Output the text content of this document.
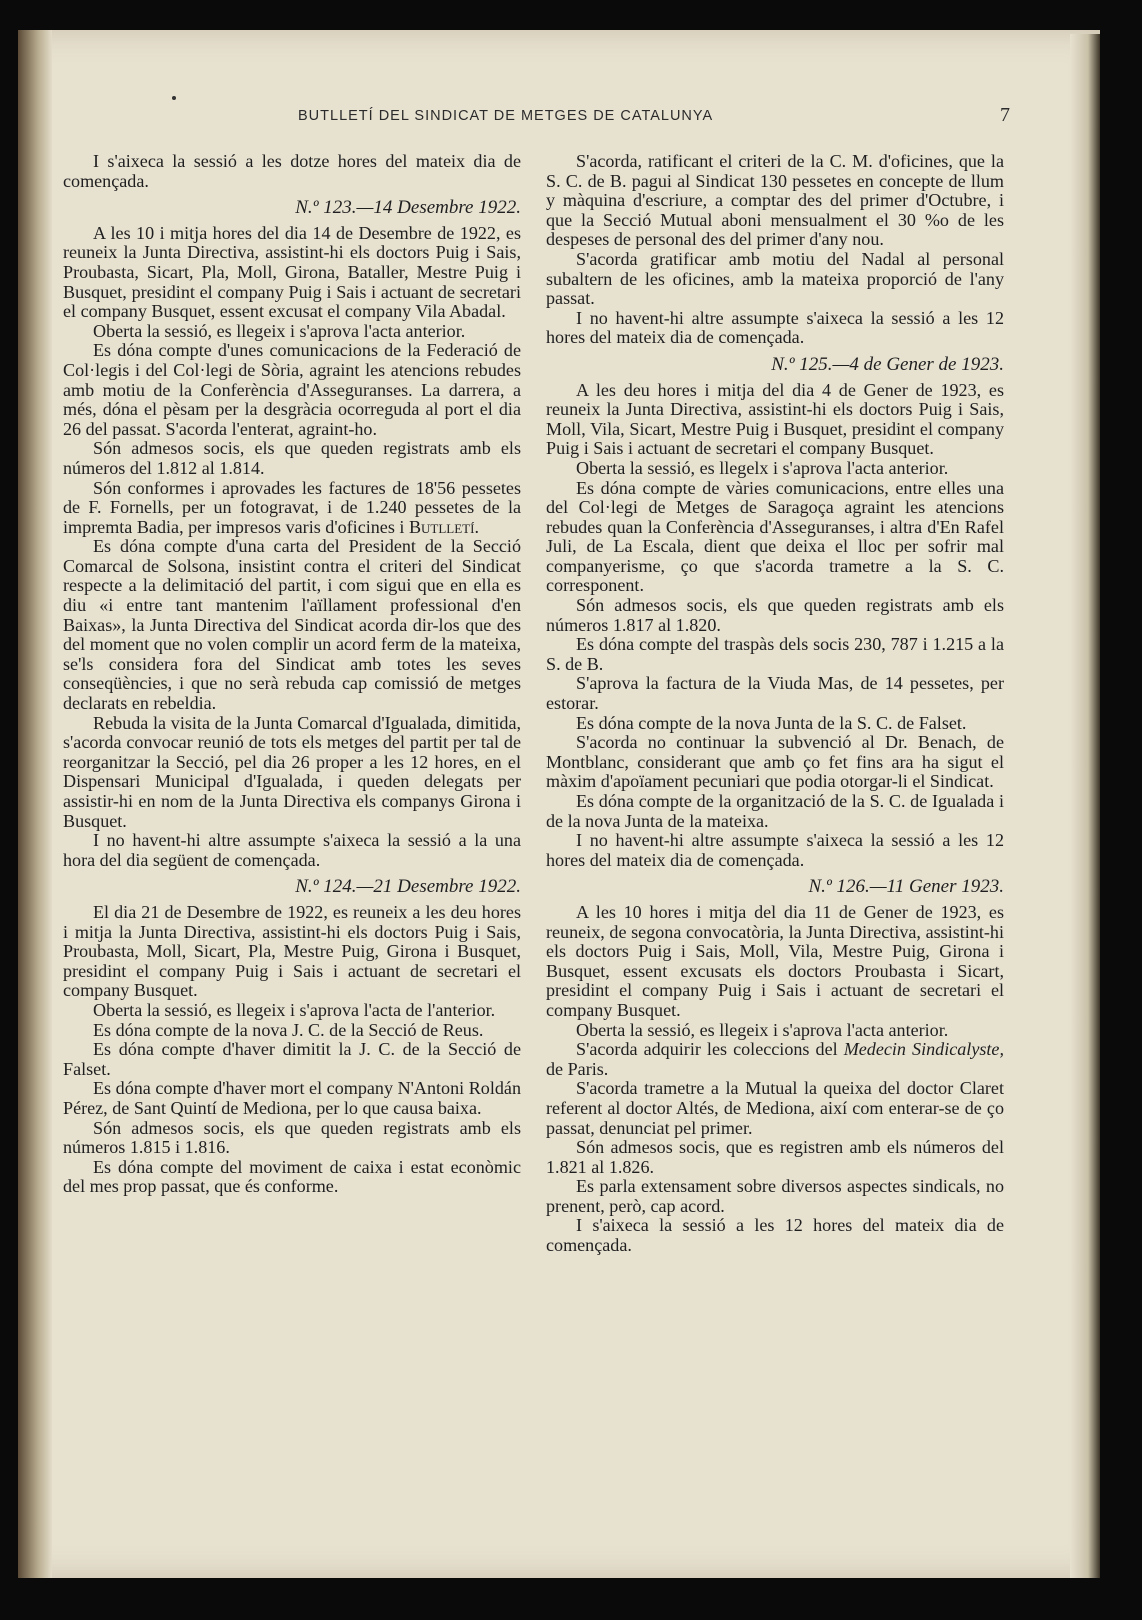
BUTLLETÍ DEL SINDICAT DE METGES DE CATALUNYA	7

I s'aixeca la sessió a les dotze hores del mateix dia de començada.

N.º 123.—14 Desembre 1922.

A les 10 i mitja hores del dia 14 de Desembre de 1922, es reuneix la Junta Directiva, assistint-hi els doctors Puig i Sais, Proubasta, Sicart, Pla, Moll, Girona, Bataller, Mestre Puig i Busquet, presidint el company Puig i Sais i actuant de secretari el company Busquet, essent excusat el company Vila Abadal.

Oberta la sessió, es llegeix i s'aprova l'acta anterior.

Es dóna compte d'unes comunicacions de la Federació de Col·legis i del Col·legi de Sòria, agraint les atencions rebudes amb motiu de la Conferència d'Asseguranses. La darrera, a més, dóna el pèsam per la desgràcia ocorreguda al port el dia 26 del passat. S'acorda l'enterat, agraint-ho.

Són admesos socis, els que queden registrats amb els números del 1.812 al 1.814.

Són conformes i aprovades les factures de 18'56 pessetes de F. Fornells, per un fotogravat, i de 1.240 pessetes de la impremta Badia, per impresos varis d'oficines i Butlletí.

Es dóna compte d'una carta del President de la Secció Comarcal de Solsona, insistint contra el criteri del Sindicat respecte a la delimitació del partit, i com sigui que en ella es diu «i entre tant mantenim l'aïllament professional d'en Baixas», la Junta Directiva del Sindicat acorda dir-los que des del moment que no volen complir un acord ferm de la mateixa, se'ls considera fora del Sindicat amb totes les seves conseqüències, i que no serà rebuda cap comissió de metges declarats en rebeldia.

Rebuda la visita de la Junta Comarcal d'Igualada, dimitida, s'acorda convocar reunió de tots els metges del partit per tal de reorganitzar la Secció, pel dia 26 proper a les 12 hores, en el Dispensari Municipal d'Igualada, i queden delegats per assistir-hi en nom de la Junta Directiva els companys Girona i Busquet.

I no havent-hi altre assumpte s'aixeca la sessió a la una hora del dia següent de començada.

N.º 124.—21 Desembre 1922.

El dia 21 de Desembre de 1922, es reuneix a les deu hores i mitja la Junta Directiva, assistint-hi els doctors Puig i Sais, Proubasta, Moll, Sicart, Pla, Mestre Puig, Girona i Busquet, presidint el company Puig i Sais i actuant de secretari el company Busquet.

Oberta la sessió, es llegeix i s'aprova l'acta de l'anterior.

Es dóna compte de la nova J. C. de la Secció de Reus.

Es dóna compte d'haver dimitit la J. C. de la Secció de Falset.

Es dóna compte d'haver mort el company N'Antoni Roldán Pérez, de Sant Quintí de Mediona, per lo que causa baixa.

Són admesos socis, els que queden registrats amb els números 1.815 i 1.816.

Es dóna compte del moviment de caixa i estat econòmic del mes prop passat, que és conforme.

S'acorda, ratificant el criteri de la C. M. d'oficines, que la S. C. de B. pagui al Sindicat 130 pessetes en concepte de llum y màquina d'escriure, a comptar des del primer d'Octubre, i que la Secció Mutual aboni mensualment el 30 %o de les despeses de personal des del primer d'any nou.

S'acorda gratificar amb motiu del Nadal al personal subaltern de les oficines, amb la mateixa proporció de l'any passat.

I no havent-hi altre assumpte s'aixeca la sessió a les 12 hores del mateix dia de començada.

N.º 125.—4 de Gener de 1923.

A les deu hores i mitja del dia 4 de Gener de 1923, es reuneix la Junta Directiva, assistint-hi els doctors Puig i Sais, Moll, Vila, Sicart, Mestre Puig i Busquet, presidint el company Puig i Sais i actuant de secretari el company Busquet.

Oberta la sessió, es llegelx i s'aprova l'acta anterior.

Es dóna compte de vàries comunicacions, entre elles una del Col·legi de Metges de Saragoça agraint les atencions rebudes quan la Conferència d'Asseguranses, i altra d'En Rafel Juli, de La Escala, dient que deixa el lloc per sofrir mal companyerisme, ço que s'acorda trametre a la S. C. corresponent.

Són admesos socis, els que queden registrats amb els números 1.817 al 1.820.

Es dóna compte del traspàs dels socis 230, 787 i 1.215 a la S. de B.

S'aprova la factura de la Viuda Mas, de 14 pessetes, per estorar.

Es dóna compte de la nova Junta de la S. C. de Falset.

S'acorda no continuar la subvenció al Dr. Benach, de Montblanc, considerant que amb ço fet fins ara ha sigut el màxim d'apoïament pecuniari que podia otorgar-li el Sindicat.

Es dóna compte de la organització de la S. C. de Igualada i de la nova Junta de la mateixa.

I no havent-hi altre assumpte s'aixeca la sessió a les 12 hores del mateix dia de començada.

N.º 126.—11 Gener 1923.

A les 10 hores i mitja del dia 11 de Gener de 1923, es reuneix, de segona convocatòria, la Junta Directiva, assistint-hi els doctors Puig i Sais, Moll, Vila, Mestre Puig, Girona i Busquet, essent excusats els doctors Proubasta i Sicart, presidint el company Puig i Sais i actuant de secretari el company Busquet.

Oberta la sessió, es llegeix i s'aprova l'acta anterior.

S'acorda adquirir les coleccions del Medecin Sindicalyste, de Paris.

S'acorda trametre a la Mutual la queixa del doctor Claret referent al doctor Altés, de Mediona, així com enterar-se de ço passat, denunciat pel primer.

Són admesos socis, que es registren amb els números del 1.821 al 1.826.

Es parla extensament sobre diversos aspectes sindicals, no prenent, però, cap acord.

I s'aixeca la sessió a les 12 hores del mateix dia de començada.
